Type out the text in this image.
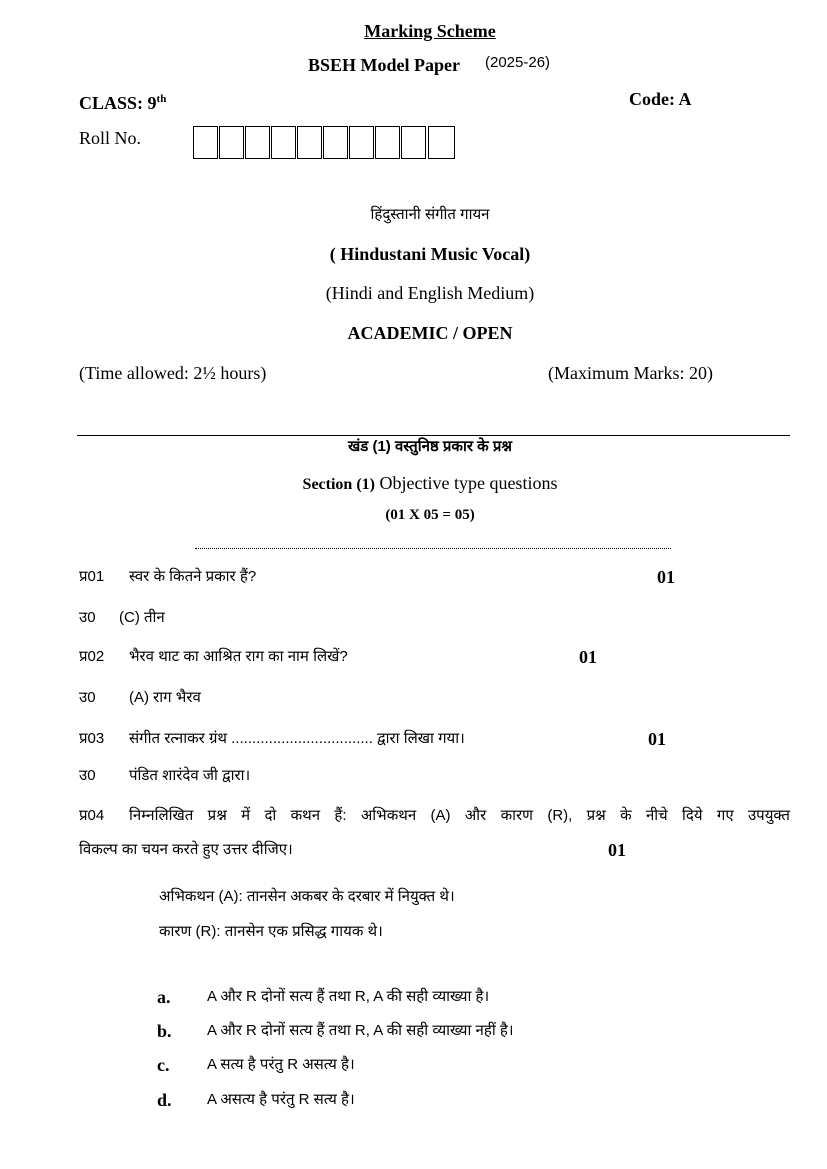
Marking Scheme
BSEH Model Paper (2025-26)
CLASS: 9th	Code: A
Roll No.
हिंदुस्तानी संगीत गायन
( Hindustani Music Vocal)
(Hindi and English Medium)
ACADEMIC / OPEN
(Time allowed: 2½ hours)	(Maximum Marks: 20)
खंड (1) वस्तुनिष्ठ प्रकार के प्रश्न
Section (1) Objective type questions
(01 X 05 = 05)
प्र01 स्वर के कितने प्रकार हैं?	01
उ0 (C) तीन
प्र02 भैरव थाट का आश्रित राग का नाम लिखें?	01
उ0 (A) राग भैरव
प्र03 संगीत रत्नाकर ग्रंथ .................................. द्वारा लिखा गया।	01
उ0 पंडित शारंदेव जी द्वारा।
प्र04 निम्नलिखित प्रश्न में दो कथन हैं: अभिकथन (A) और कारण (R), प्रश्न के नीचे दिये गए उपयुक्त
विकल्प का चयन करते हुए उत्तर दीजिए।	01
अभिकथन (A): तानसेन अकबर के दरबार में नियुक्त थे।
कारण (R): तानसेन एक प्रसिद्ध गायक थे।
a. A और R दोनों सत्य हैं तथा R, A की सही व्याख्या है।
b. A और R दोनों सत्य हैं तथा R, A की सही व्याख्या नहीं है।
c.	A सत्य है परंतु R असत्य है।
d. A असत्य है परंतु R सत्य है।
